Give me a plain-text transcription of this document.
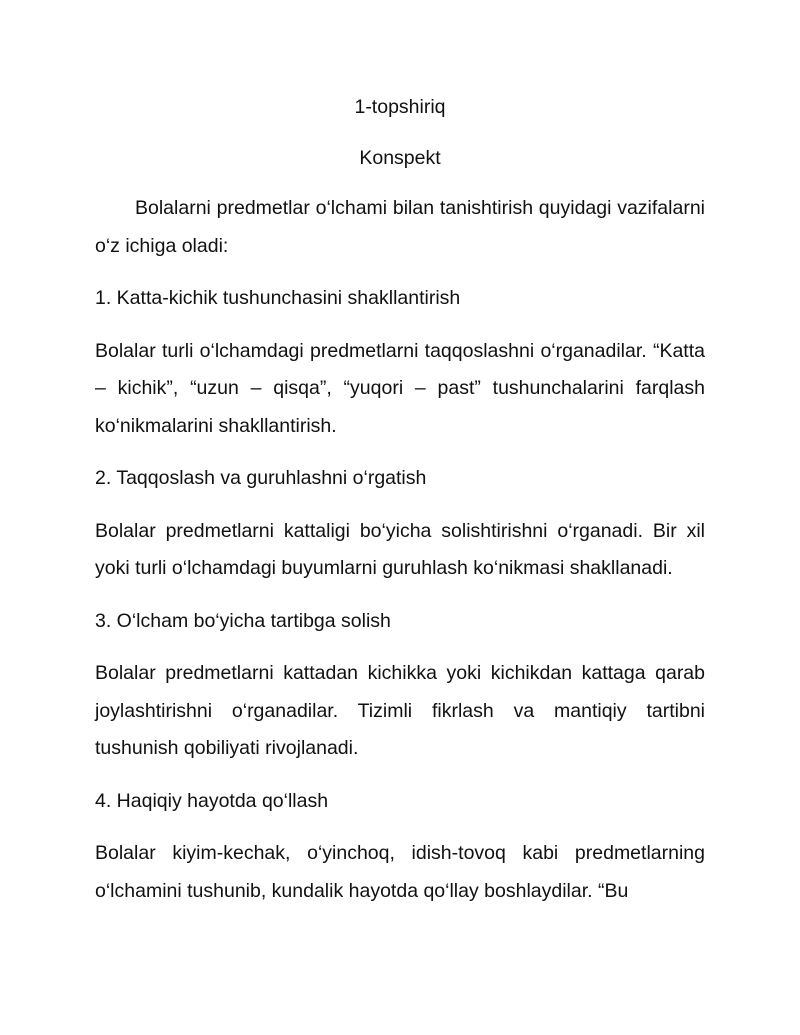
1-topshiriq

Konspekt

Bolalarni predmetlar o‘lchami bilan tanishtirish quyidagi vazifalarni o‘z ichiga oladi:

1. Katta-kichik tushunchasini shakllantirish

Bolalar turli o‘lchamdagi predmetlarni taqqoslashni o‘rganadilar. “Katta – kichik”, “uzun – qisqa”, “yuqori – past” tushunchalarini farqlash ko‘nikmalarini shakllantirish.

2. Taqqoslash va guruhlashni o‘rgatish

Bolalar predmetlarni kattaligi bo‘yicha solishtirishni o‘rganadi. Bir xil yoki turli o‘lchamdagi buyumlarni guruhlash ko‘nikmasi shakllanadi.

3. O‘lcham bo‘yicha tartibga solish

Bolalar predmetlarni kattadan kichikka yoki kichikdan kattaga qarab joylashtirishni o‘rganadilar. Tizimli fikrlash va mantiqiy tartibni tushunish qobiliyati rivojlanadi.

4. Haqiqiy hayotda qo‘llash

Bolalar kiyim-kechak, o‘yinchoq, idish-tovoq kabi predmetlarning o‘lchamini tushunib, kundalik hayotda qo‘llay boshlaydilar. “Bu
